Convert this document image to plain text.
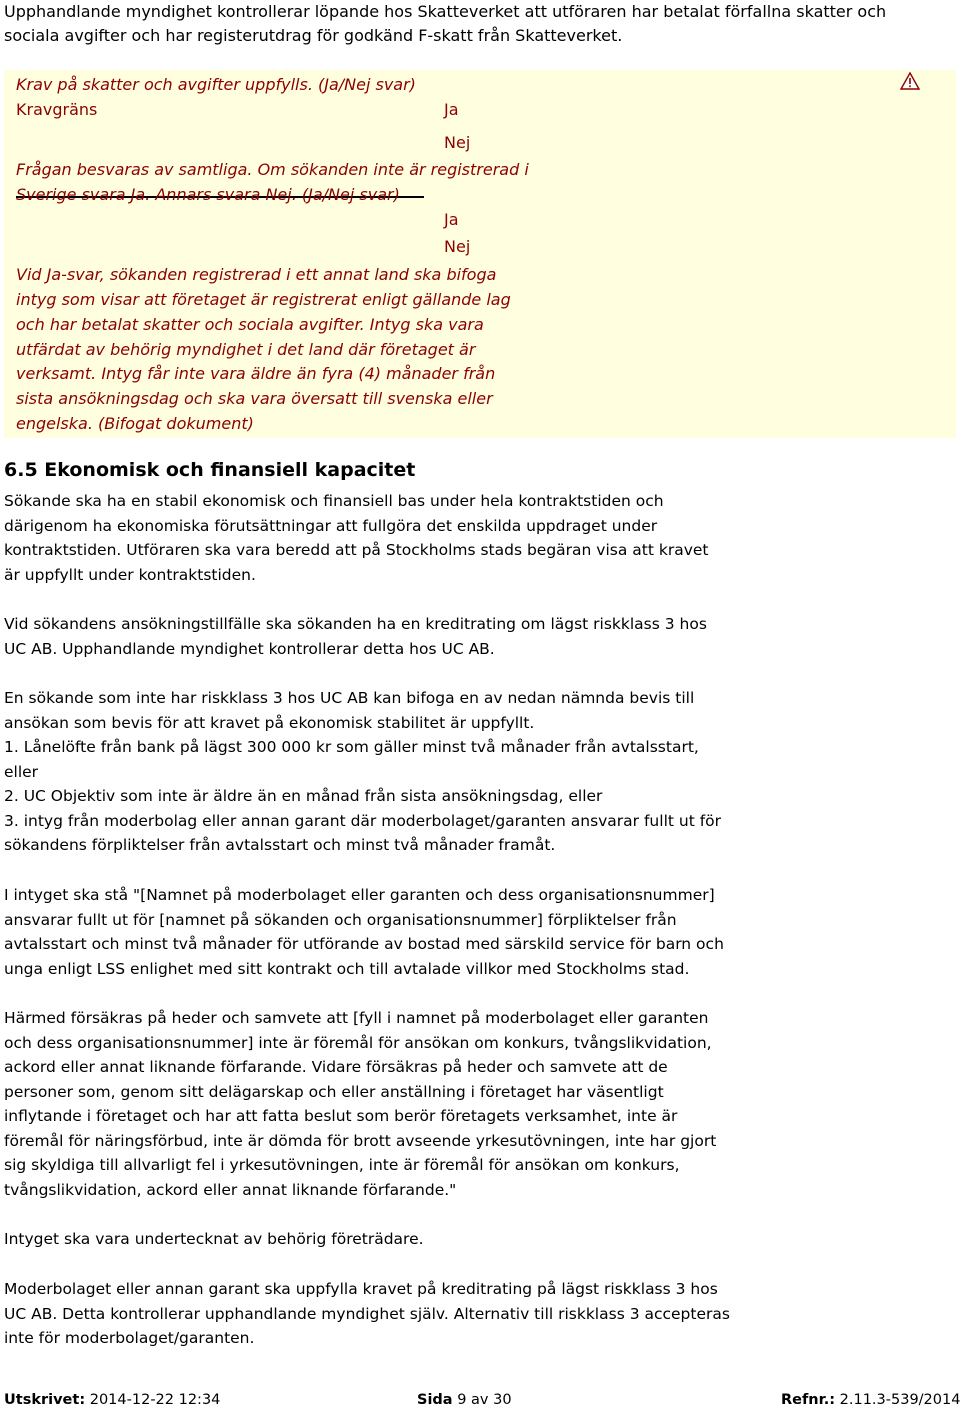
Upphandlande myndighet kontrollerar löpande hos Skatteverket att utföraren har betalat förfallna skatter och sociala avgifter och har registerutdrag för godkänd F-skatt från Skatteverket.
Krav på skatter och avgifter uppfylls. (Ja/Nej svar)
Kravgräns	Ja
Nej
Frågan besvaras av samtliga. Om sökanden inte är registrerad i
Sverige svara Ja. Annars svara Nej. (Ja/Nej svar)
Ja
Nej
Vid Ja-svar, sökanden registrerad i ett annat land ska bifoga
intyg som visar att företaget är registrerat enligt gällande lag
och har betalat skatter och sociala avgifter. Intyg ska vara
utfärdat av behörig myndighet i det land där företaget är
verksamt. Intyg får inte vara äldre än fyra (4) månader från
sista ansökningsdag och ska vara översatt till svenska eller
engelska. (Bifogat dokument)
6.5 Ekonomisk och finansiell kapacitet
Sökande ska ha en stabil ekonomisk och finansiell bas under hela kontraktstiden och
därigenom ha ekonomiska förutsättningar att fullgöra det enskilda uppdraget under
kontraktstiden. Utföraren ska vara beredd att på Stockholms stads begäran visa att kravet
är uppfyllt under kontraktstiden.
Vid sökandens ansökningstillfälle ska sökanden ha en kreditrating om lägst riskklass 3 hos
UC AB. Upphandlande myndighet kontrollerar detta hos UC AB.
En sökande som inte har riskklass 3 hos UC AB kan bifoga en av nedan nämnda bevis till
ansökan som bevis för att kravet på ekonomisk stabilitet är uppfyllt.
1. Lånelöfte från bank på lägst 300 000 kr som gäller minst två månader från avtalsstart,
eller
2. UC Objektiv som inte är äldre än en månad från sista ansökningsdag, eller
3. intyg från moderbolag eller annan garant där moderbolaget/garanten ansvarar fullt ut för
sökandens förpliktelser från avtalsstart och minst två månader framåt.
I intyget ska stå "[Namnet på moderbolaget eller garanten och dess organisationsnummer]
ansvarar fullt ut för [namnet på sökanden och organisationsnummer] förpliktelser från
avtalsstart och minst två månader för utförande av bostad med särskild service för barn och
unga enligt LSS enlighet med sitt kontrakt och till avtalade villkor med Stockholms stad.
Härmed försäkras på heder och samvete att [fyll i namnet på moderbolaget eller garanten
och dess organisationsnummer] inte är föremål för ansökan om konkurs, tvångslikvidation,
ackord eller annat liknande förfarande. Vidare försäkras på heder och samvete att de
personer som, genom sitt delägarskap och eller anställning i företaget har väsentligt
inflytande i företaget och har att fatta beslut som berör företagets verksamhet, inte är
föremål för näringsförbud, inte är dömda för brott avseende yrkesutövningen, inte har gjort
sig skyldiga till allvarligt fel i yrkesutövningen, inte är föremål för ansökan om konkurs,
tvångslikvidation, ackord eller annat liknande förfarande."
Intyget ska vara undertecknat av behörig företrädare.
Moderbolaget eller annan garant ska uppfylla kravet på kreditrating på lägst riskklass 3 hos
UC AB. Detta kontrollerar upphandlande myndighet själv. Alternativ till riskklass 3 accepteras
inte för moderbolaget/garanten.
Utskrivet: 2014-12-22 12:34	Sida 9 av 30	Refnr.: 2.11.3-539/2014
